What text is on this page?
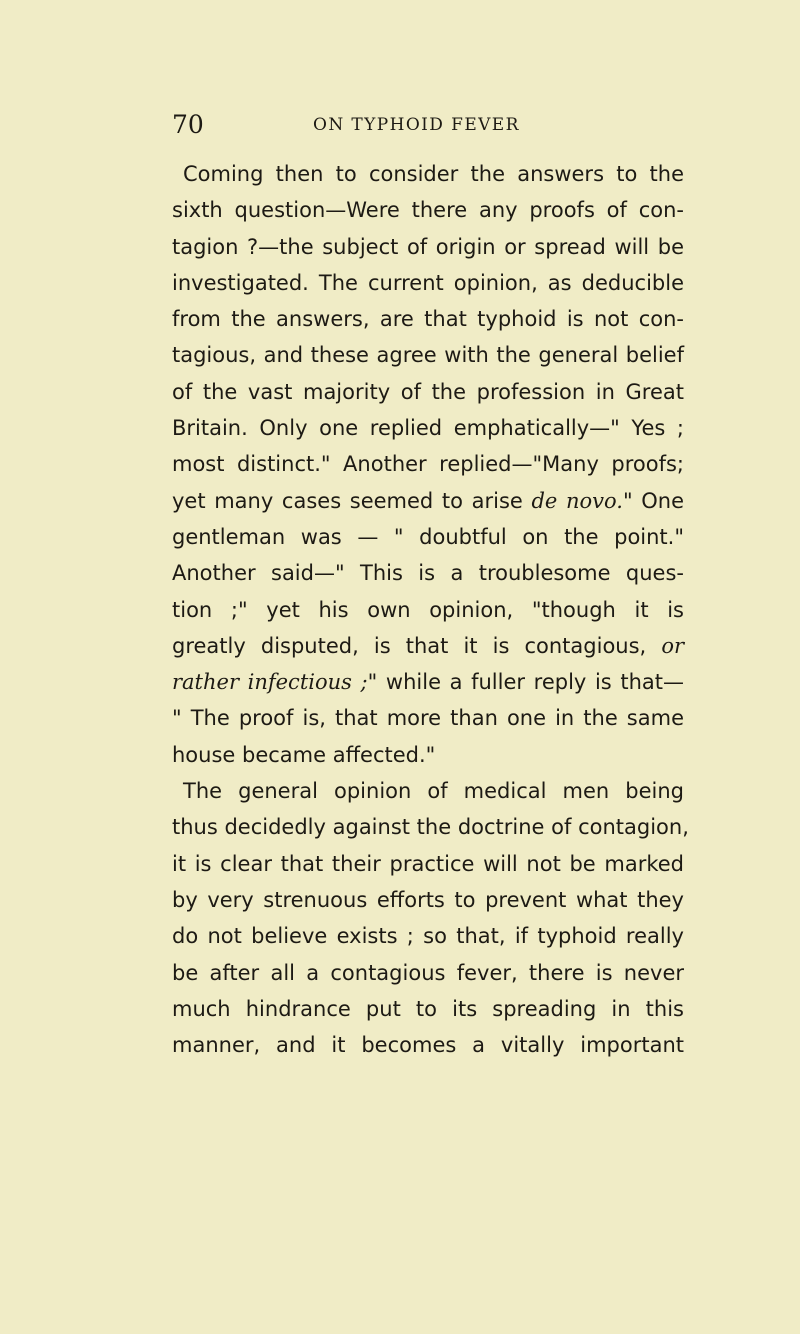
70	ON TYPHOID FEVER
Coming then to consider the answers to the
sixth question—Were there any proofs of con-
tagion ?—the subject of origin or spread will be
investigated. The current opinion, as deducible
from the answers, are that typhoid is not con-
tagious, and these agree with the general belief
of the vast majority of the profession in Great
Britain. Only one replied emphatically—" Yes ;
most distinct." Another replied—"Many proofs;
yet many cases seemed to arise de novo." One
gentleman was — " doubtful on the point."
Another said—" This is a troublesome ques-
tion ;" yet his own opinion, "though it is
greatly disputed, is that it is contagious, or
rather infectious ;" while a fuller reply is that—
" The proof is, that more than one in the same
house became affected."
The general opinion of medical men being
thus decidedly against the doctrine of contagion,
it is clear that their practice will not be marked
by very strenuous efforts to prevent what they
do not believe exists ; so that, if typhoid really
be after all a contagious fever, there is never
much hindrance put to its spreading in this
manner, and it becomes a vitally important
